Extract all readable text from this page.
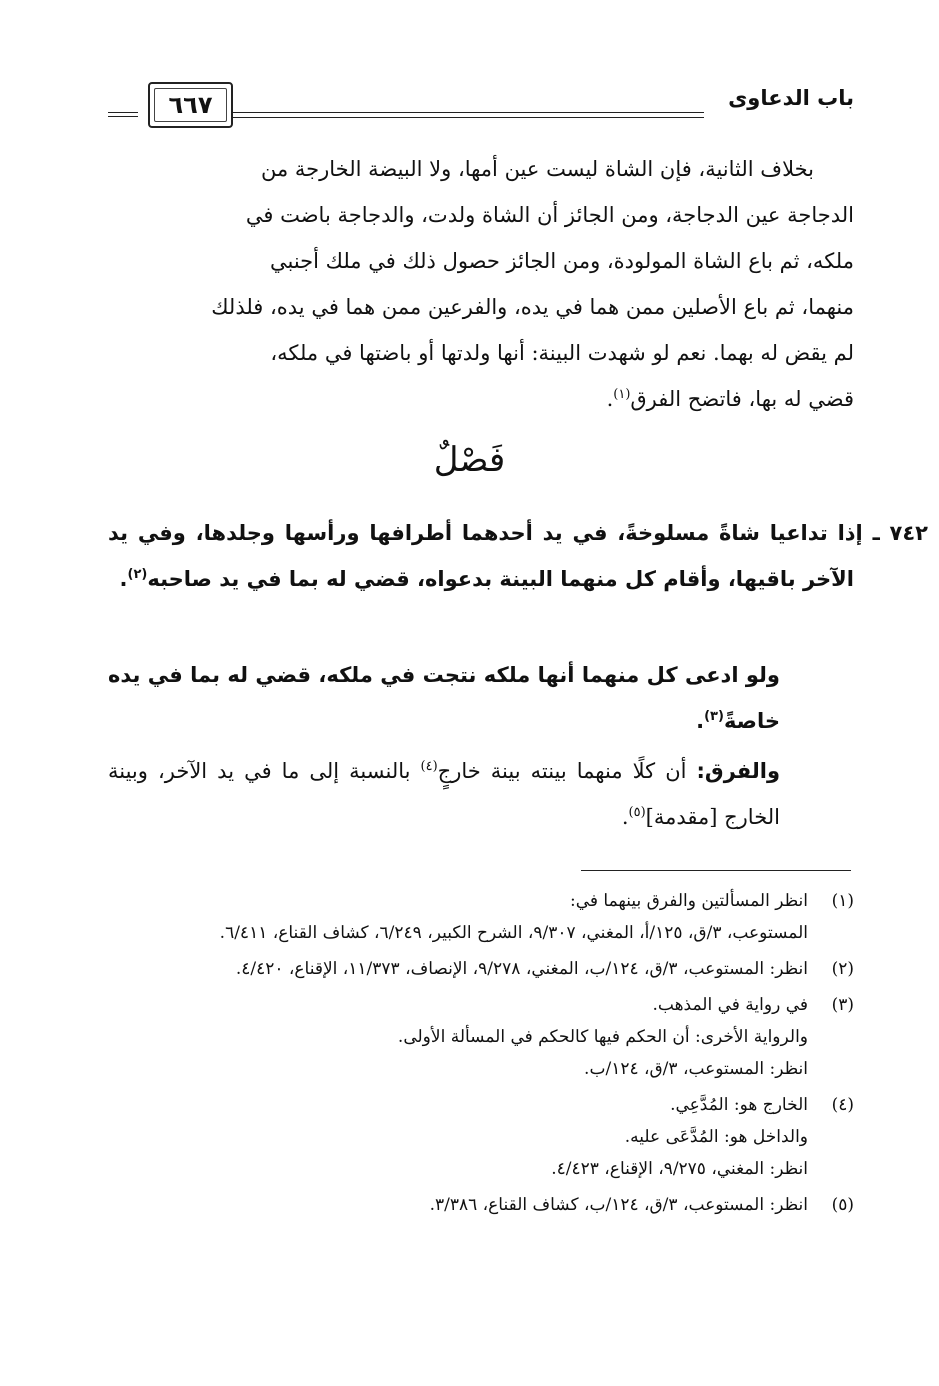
باب الدعاوى
٦٦٧
بخلاف الثانية، فإن الشاة ليست عين أمها، ولا البيضة الخارجة من
الدجاجة عين الدجاجة، ومن الجائز أن الشاة ولدت، والدجاجة باضت في
ملكه، ثم باع الشاة المولودة، ومن الجائز حصول ذلك في ملك أجنبي
منهما، ثم باع الأصلين ممن هما في يده، والفرعين ممن هما في يده، فلذلك
لم يقض له بهما. نعم لو شهدت البينة: أنها ولدتها أو باضتها في ملكه،
قضي له بها، فاتضح الفرق$^{(١)}$.
فَصْلٌ
٧٤٢ ـ إذا تداعيا شاةً مسلوخةً، في يد أحدهما أطرافها ورأسها وجلدها، وفي يد الآخر باقيها، وأقام كل منهما البينة بدعواه، قضي له بما في يد صاحبه$^{(٢)}$.
ولو ادعى كل منهما أنها ملكه نتجت في ملكه، قضي له بما في يده خاصةً$^{(٣)}$.
والفرق: أن كلًا منهما بينته بينة خارجٍ$^{(٤)}$ بالنسبة إلى ما في يد الآخر، وبينة الخارج [مقدمة]$^{(٥)}$.
(١)
انظر المسألتين والفرق بينهما في:
المستوعب، ٣/ق، ١٢٥/أ، المغني، ٩/٣٠٧، الشرح الكبير، ٦/٢٤٩، كشاف القناع، ٦/٤١١.
(٢)
انظر: المستوعب، ٣/ق، ١٢٤/ب، المغني، ٩/٢٧٨، الإنصاف، ١١/٣٧٣، الإقناع، ٤/٤٢٠.
(٣)
في رواية في المذهب.
والرواية الأخرى: أن الحكم فيها كالحكم في المسألة الأولى.
انظر: المستوعب، ٣/ق، ١٢٤/ب.
(٤)
الخارج هو: المُدَّعِي.
والداخل هو: المُدَّعَى عليه.
انظر: المغني، ٩/٢٧٥، الإقناع، ٤/٤٢٣.
(٥)
انظر: المستوعب، ٣/ق، ١٢٤/ب، كشاف القناع، ٣/٣٨٦.
